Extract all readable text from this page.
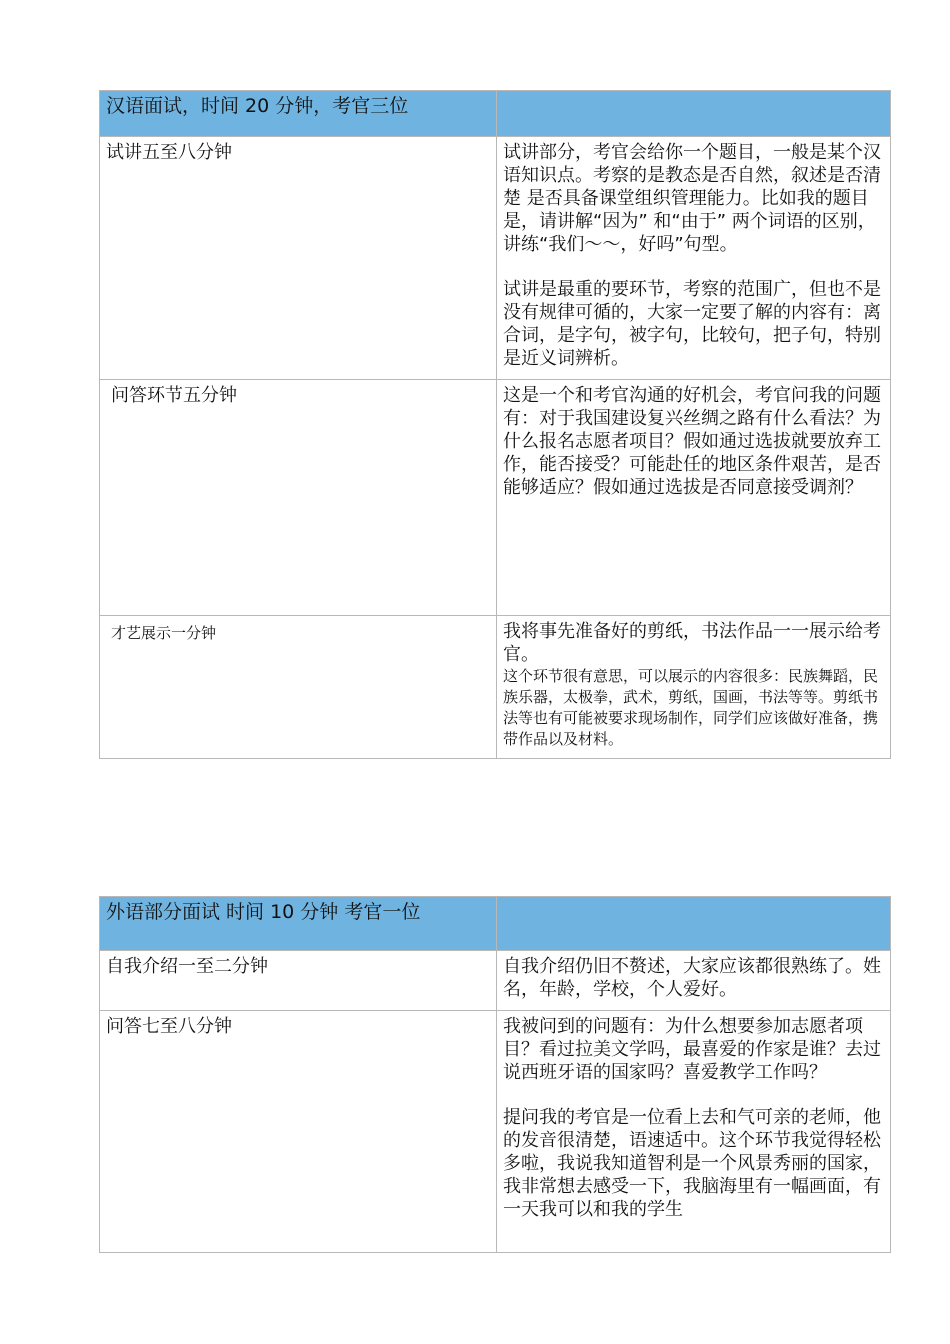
汉语面试，时间 20 分钟，考官三位	
试讲五至八分钟	试讲部分，考官会给你一个题目，一般是某个汉语知识点。考察的是教态是否自然，叙述是否清楚 是否具备课堂组织管理能力。比如我的题目是，请讲解“因为” 和“由于” 两个词语的区别，讲练“我们～～，好吗”句型。

试讲是最重的要环节，考察的范围广，但也不是没有规律可循的，大家一定要了解的内容有：离合词，是字句，被字句，比较句，把子句，特别是近义词辨析。

问答环节五分钟	这是一个和考官沟通的好机会，考官问我的问题有：对于我国建设复兴丝绸之路有什么看法？为什么报名志愿者项目？假如通过选拔就要放弃工作，能否接受？可能赴任的地区条件艰苦，是否能够适应？假如通过选拔是否同意接受调剂？

才艺展示一分钟	我将事先准备好的剪纸，书法作品一一展示给考官。

这个环节很有意思，可以展示的内容很多：民族舞蹈，民族乐器，太极拳，武术，剪纸，国画，书法等等。剪纸书法等也有可能被要求现场制作，同学们应该做好准备，携带作品以及材料。

外语部分面试 时间 10 分钟 考官一位	
自我介绍一至二分钟	自我介绍仍旧不赘述，大家应该都很熟练了。姓名，年龄，学校，个人爱好。

问答七至八分钟	我被问到的问题有：为什么想要参加志愿者项目？看过拉美文学吗，最喜爱的作家是谁？去过说西班牙语的国家吗？喜爱教学工作吗？

提问我的考官是一位看上去和气可亲的老师，他的发音很清楚，语速适中。这个环节我觉得轻松多啦，我说我知道智利是一个风景秀丽的国家，我非常想去感受一下，我脑海里有一幅画面，有一天我可以和我的学生
